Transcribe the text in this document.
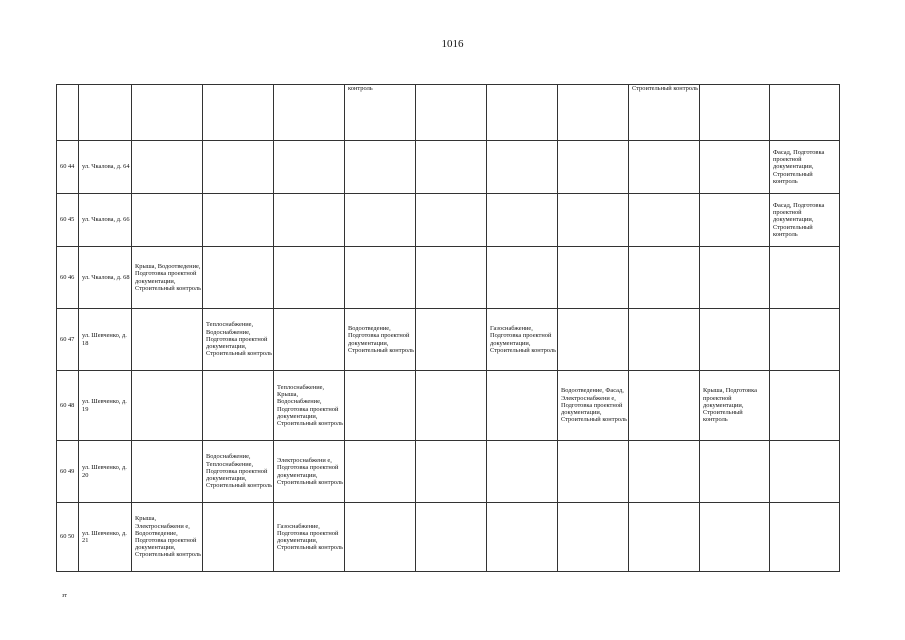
1016

					контроль				Строительный контроль		

60 44	ул. Чкалова, д. 64										Фасад, Подготовка проектной документации, Строительный контроль
60 45	ул. Чкалова, д. 66										Фасад, Подготовка проектной документации, Строительный контроль
60 46	ул. Чкалова, д. 68	Крыша, Водоотведение, Подготовка проектной документации, Строительный контроль									
60 47	ул. Шевченко, д. 18		Теплоснабжение, Водоснабжение, Подготовка проектной документации, Строительный контроль		Водоотведение, Подготовка проектной документации, Строительный контроль		Газоснабжение, Подготовка проектной документации, Строительный контроль				
60 48	ул. Шевченко, д. 19			Теплоснабжение, Крыша, Водоснабжение, Подготовка проектной документации, Строительный контроль				Водоотведение, Фасад, Электроснабжени е, Подготовка проектной документации, Строительный контроль		Крыша, Подготовка проектной документации, Строительный контроль	
60 49	ул. Шевченко, д. 20		Водоснабжение, Теплоснабжение, Подготовка проектной документации, Строительный контроль	Электроснабжени е, Подготовка проектной документации, Строительный контроль							
60 50	ул. Шевченко, д. 21	Крыша, Электроснабжени е, Водоотведение, Подготовка проектной документации, Строительный контроль		Газоснабжение, Подготовка проектной документации, Строительный контроль							
зт
